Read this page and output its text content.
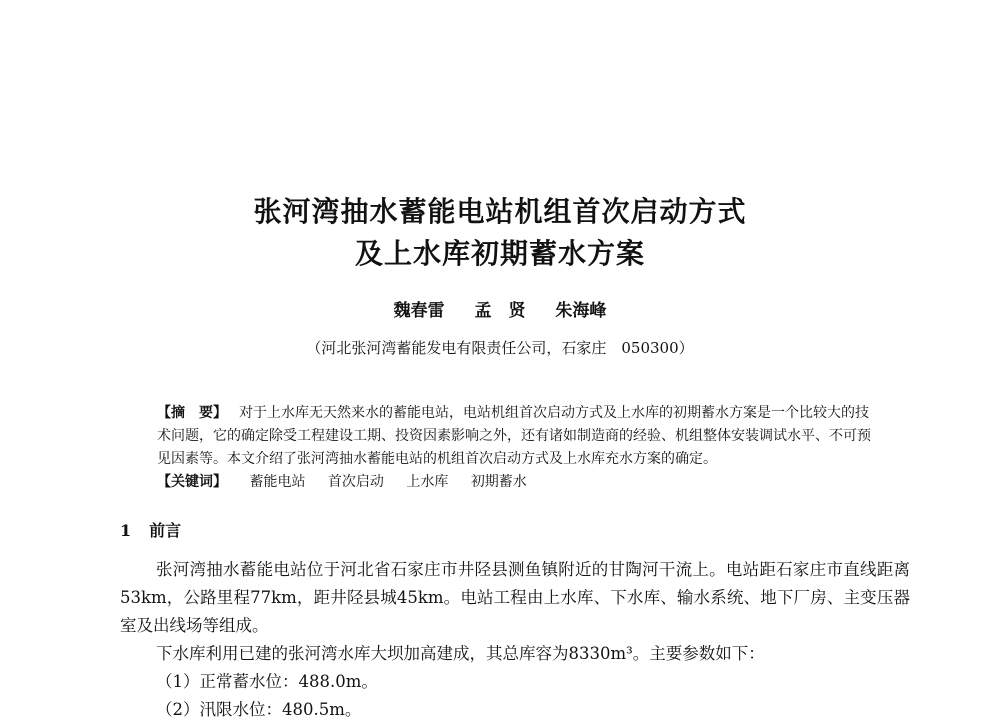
张河湾抽水蓄能电站机组首次启动方式
及上水库初期蓄水方案
魏春雷 孟　贤 朱海峰
（河北张河湾蓄能发电有限责任公司，石家庄　050300）

【摘　要】 对于上水库无天然来水的蓄能电站，电站机组首次启动方式及上水库的初期蓄水方案是一个比较大的技术问题，它的确定除受工程建设工期、投资因素影响之外，还有诸如制造商的经验、机组整体安装调试水平、不可预见因素等。本文介绍了张河湾抽水蓄能电站的机组首次启动方式及上水库充水方案的确定。

【关键词】 蓄能电站 首次启动 上水库 初期蓄水

1 前言

张河湾抽水蓄能电站位于河北省石家庄市井陉县测鱼镇附近的甘陶河干流上。电站距石家庄市直线距离53km，公路里程77km，距井陉县城45km。电站工程由上水库、下水库、输水系统、地下厂房、主变压器室及出线场等组成。

下水库利用已建的张河湾水库大坝加高建成，其总库容为8330m³。主要参数如下：

（1）正常蓄水位：488.0m。

（2）汛限水位：480.5m。
